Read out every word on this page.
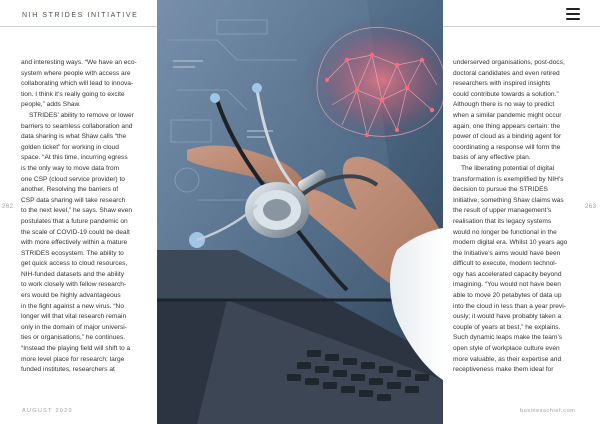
NIH STRIDES INITIATIVE

and interesting ways. “We have an eco-
system where people with access are
collaborating which will lead to innova-
tion. I think it’s really going to excite
people,” adds Shaw.

STRIDES’ ability to remove or lower
barriers to seamless collaboration and
data sharing is what Shaw calls “the
golden ticket” for working in cloud
space. “At this time, incurring egress
is the only way to move data from
one CSP (cloud service provider) to
another. Resolving the barriers of
CSP data sharing will take research
to the next level,” he says. Shaw even
postulates that a future pandemic on
the scale of COVID-19 could be dealt
with more effectively within a mature
STRIDES ecosystem. The ability to
get quick access to cloud resources,
NIH-funded datasets and the ability
to work closely with fellow research-
ers would be highly advantageous
in the fight against a new virus. “No
longer will that vital research remain
only in the domain of major universi-
ties or organisations,” he continues.
“Instead the playing field will shift to a
more level place for research; large
funded institutes, researchers at

262
AUGUST 2020

underserved organisations, post-docs,
doctoral candidates and even retired
researchers with inspired insights
could contribute towards a solution.”
Although there is no way to predict
when a similar pandemic might occur
again, one thing appears certain: the
power of cloud as a binding agent for
coordinating a response will form the
basis of any effective plan.

The liberating potential of digital
transformation is exemplified by NIH’s
decision to pursue the STRIDES
Initiative, something Shaw claims was
the result of upper management’s
realisation that its legacy systems
would no longer be functional in the
modern digital era. Whilst 10 years ago
the Initiative’s aims would have been
difficult to execute, modern technol-
ogy has accelerated capacity beyond
imagining. “You would not have been
able to move 20 petabytes of data up
into the cloud in less than a year previ-
ously; it would have probably taken a
couple of years at best,” he explains.
Such dynamic leaps make the team’s
open style of workplace culture even
more valuable, as their expertise and
receptiveness make them ideal for

263
businesschief.com
